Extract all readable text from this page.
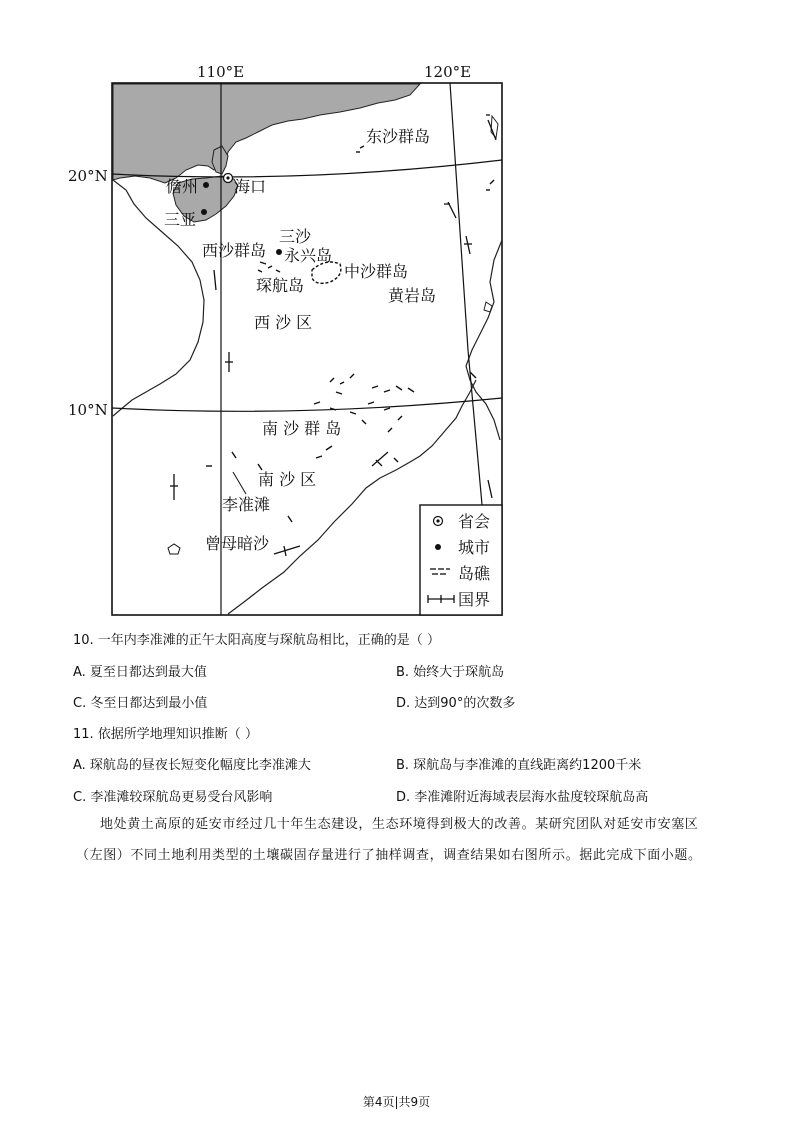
110°E	120°E
20°N
10°N
东沙群岛
儋州 海口
三亚
三沙
西沙群岛 永兴岛
中沙群岛
琛航岛
黄岩岛
西 沙 区
南 沙 群 岛
南 沙 区
李准滩
曾母暗沙
省会
城市
岛礁
国界
10. 一年内李准滩的正午太阳高度与琛航岛相比，正确的是（ ）
A. 夏至日都达到最大值	B. 始终大于琛航岛
C. 冬至日都达到最小值	D. 达到90°的次数多
11. 依据所学地理知识推断（ ）
A. 琛航岛的昼夜长短变化幅度比李准滩大	B. 琛航岛与李准滩的直线距离约1200千米
C. 李准滩较琛航岛更易受台风影响	D. 李准滩附近海域表层海水盐度较琛航岛高
地处黄土高原的延安市经过几十年生态建设，生态环境得到极大的改善。某研究团队对延安市安塞区
（左图）不同土地利用类型的土壤碳固存量进行了抽样调查，调查结果如右图所示。据此完成下面小题。
第4页|共9页
